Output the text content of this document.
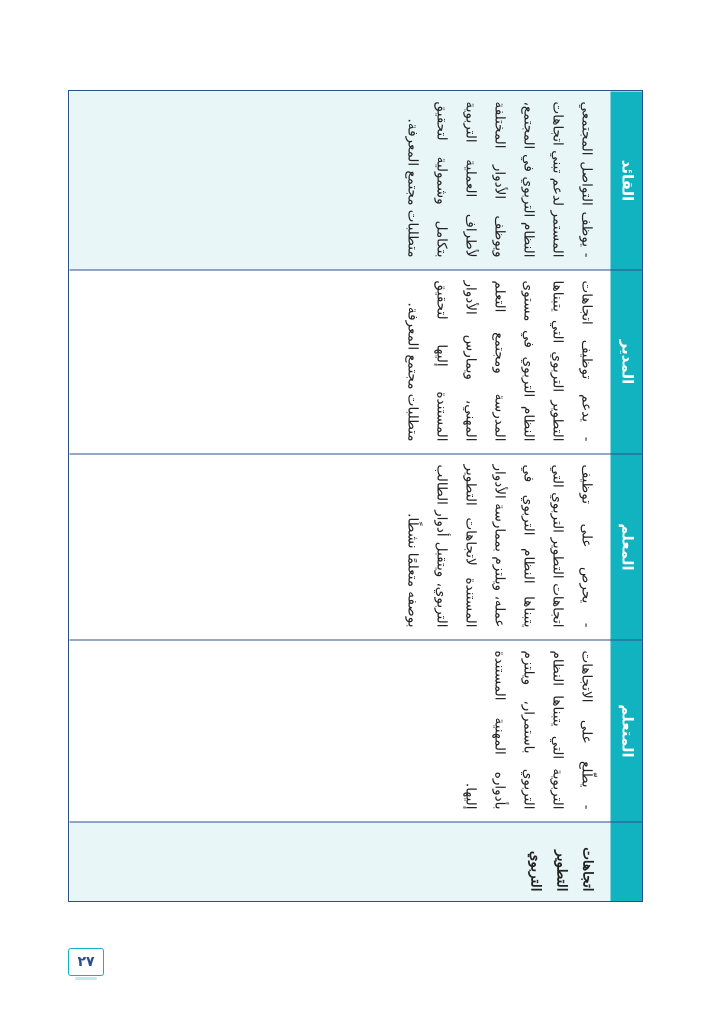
المتعلم
المعلم
المدير
القائد
اتجاهات التطوير التربوي
- يطّلع على الاتجاهات التربوية التي يتبناها النظام التربوي باستمرار، ويلتزم بأدواره المهنية المستندة إليها.
- يحرص على توظيف اتجاهات التطوير التربوي التي يتبناها النظام التربوي في عمله، ويلتزم بممارسة الأدوار المستندة لاتجاهات التطوير التربوي، ويتقبل أدوار الطالب بوصفه متعلمًا نشطًا.
- يدعم توظيف اتجاهات التطوير التربوي التي يتبناها النظام التربوي في مستوى المدرسة ومجتمع التعلم المهني، ويمارس الأدوار المستندة إليها لتحقيق متطلبات مجتمع المعرفة.
- يوظف التواصل المجتمعي المستمر لدعم تبني اتجاهات النظام التربوي في المجتمع، ويوظف الأدوار المختلفة لأطراف العملية التربوية بتكامل وشمولية لتحقيق متطلبات مجتمع المعرفة.
٢٧
